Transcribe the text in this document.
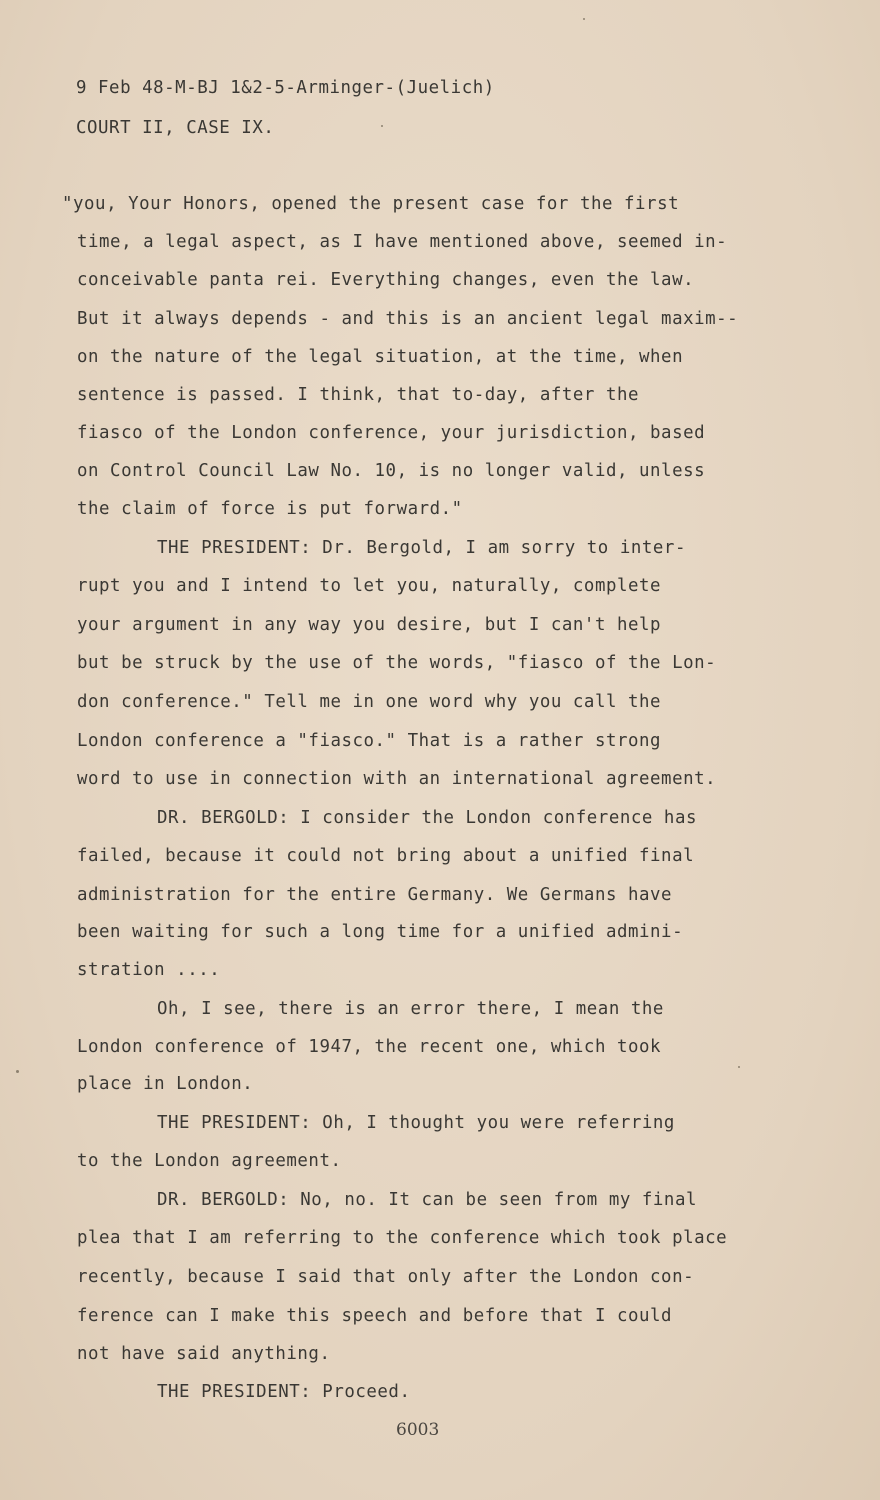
9 Feb 48-M-BJ 1&2-5-Arminger-(Juelich)
COURT II, CASE IX.
"you, Your Honors, opened the present case for the first
time, a legal aspect, as I have mentioned above, seemed in-
conceivable panta rei. Everything changes, even the law.
But it always depends - and this is an ancient legal maxim--
on the nature of the legal situation, at the time, when
sentence is passed. I think, that to-day, after the
fiasco of the London conference, your jurisdiction, based
on Control Council Law No. 10, is no longer valid, unless
the claim of force is put forward."
THE PRESIDENT: Dr. Bergold, I am sorry to inter-
rupt you and I intend to let you, naturally, complete
your argument in any way you desire, but I can't help
but be struck by the use of the words, "fiasco of the Lon-
don conference." Tell me in one word why you call the
London conference a "fiasco." That is a rather strong
word to use in connection with an international agreement.
DR. BERGOLD: I consider the London conference has
failed, because it could not bring about a unified final
administration for the entire Germany. We Germans have
been waiting for such a long time for a unified admini-
stration ....
Oh, I see, there is an error there, I mean the
London conference of 1947, the recent one, which took
place in London.
THE PRESIDENT: Oh, I thought you were referring
to the London agreement.
DR. BERGOLD: No, no. It can be seen from my final
plea that I am referring to the conference which took place
recently, because I said that only after the London con-
ference can I make this speech and before that I could
not have said anything.
THE PRESIDENT: Proceed.
6003
